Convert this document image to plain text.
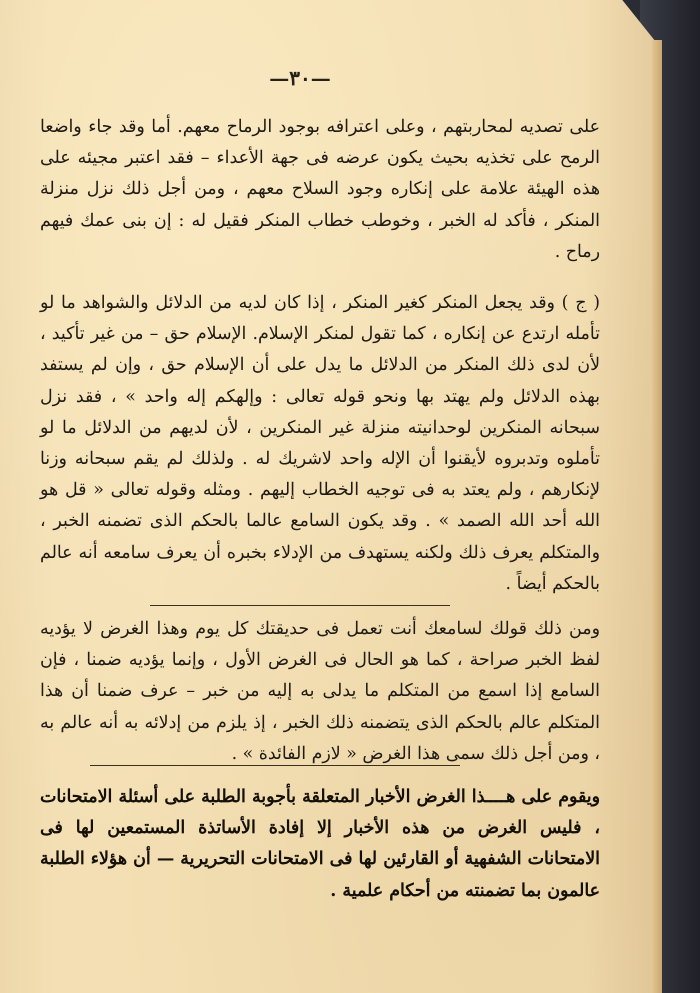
—٣٠—
على تصديه لمحاربتهم ، وعلى اعترافه بوجود الرماح معهم. أما وقد جاء واضعا الرمح على تخذيه بحيث يكون عرضه فى جهة الأعداء – فقد اعتبر مجيئه على هذه الهيئة علامة على إنكاره وجود السلاح معهم ، ومن أجل ذلك نزل منزلة المنكر ، فأكد له الخبر ، وخوطب خطاب المنكر فقيل له : إن بنى عمك فيهم رماح .
( ج ) وقد يجعل المنكر كغير المنكر ، إذا كان لديه من الدلائل والشواهد ما لو تأمله ارتدع عن إنكاره ، كما تقول لمنكر الإسلام. الإسلام حق – من غير تأكيد ، لأن لدى ذلك المنكر من الدلائل ما يدل على أن الإسلام حق ، وإن لم يستفد بهذه الدلائل ولم يهتد بها ونحو قوله تعالى : وإلهكم إله واحد » ، فقد نزل سبحانه المنكرين لوحدانيته منزلة غير المنكرين ، لأن لديهم من الدلائل ما لو تأملوه وتدبروه لأيقنوا أن الإله واحد لاشريك له . ولذلك لم يقم سبحانه وزنا لإنكارهم ، ولم يعتد به فى توجيه الخطاب إليهم . ومثله وقوله تعالى « قل هو الله أحد الله الصمد » . وقد يكون السامع عالما بالحكم الذى تضمنه الخبر ، والمتكلم يعرف ذلك ولكنه يستهدف من الإدلاء بخبره أن يعرف سامعه أنه عالم بالحكم أيضاً .
ومن ذلك قولك لسامعك أنت تعمل فى حديقتك كل يوم وهذا الغرض لا يؤديه لفظ الخبر صراحة ، كما هو الحال فى الغرض الأول ، وإنما يؤديه ضمنا ، فإن السامع إذا اسمع من المتكلم ما يدلى به إليه من خبر – عرف ضمنا أن هذا المتكلم عالم بالحكم الذى يتضمنه ذلك الخبر ، إذ يلزم من إدلائه به أنه عالم به ، ومن أجل ذلك سمى هذا الغرض « لازم الفائدة » .
ويقوم على هــــذا الغرض الأخبار المتعلقة بأجوبة الطلبة على أسئلة الامتحانات ، فليس الغرض من هذه الأخبار إلا إفادة الأساتذة المستمعين لها فى الامتحانات الشفهية أو القارئين لها فى الامتحانات التحريرية — أن هؤلاء الطلبة عالمون بما تضمنته من أحكام علمية .
